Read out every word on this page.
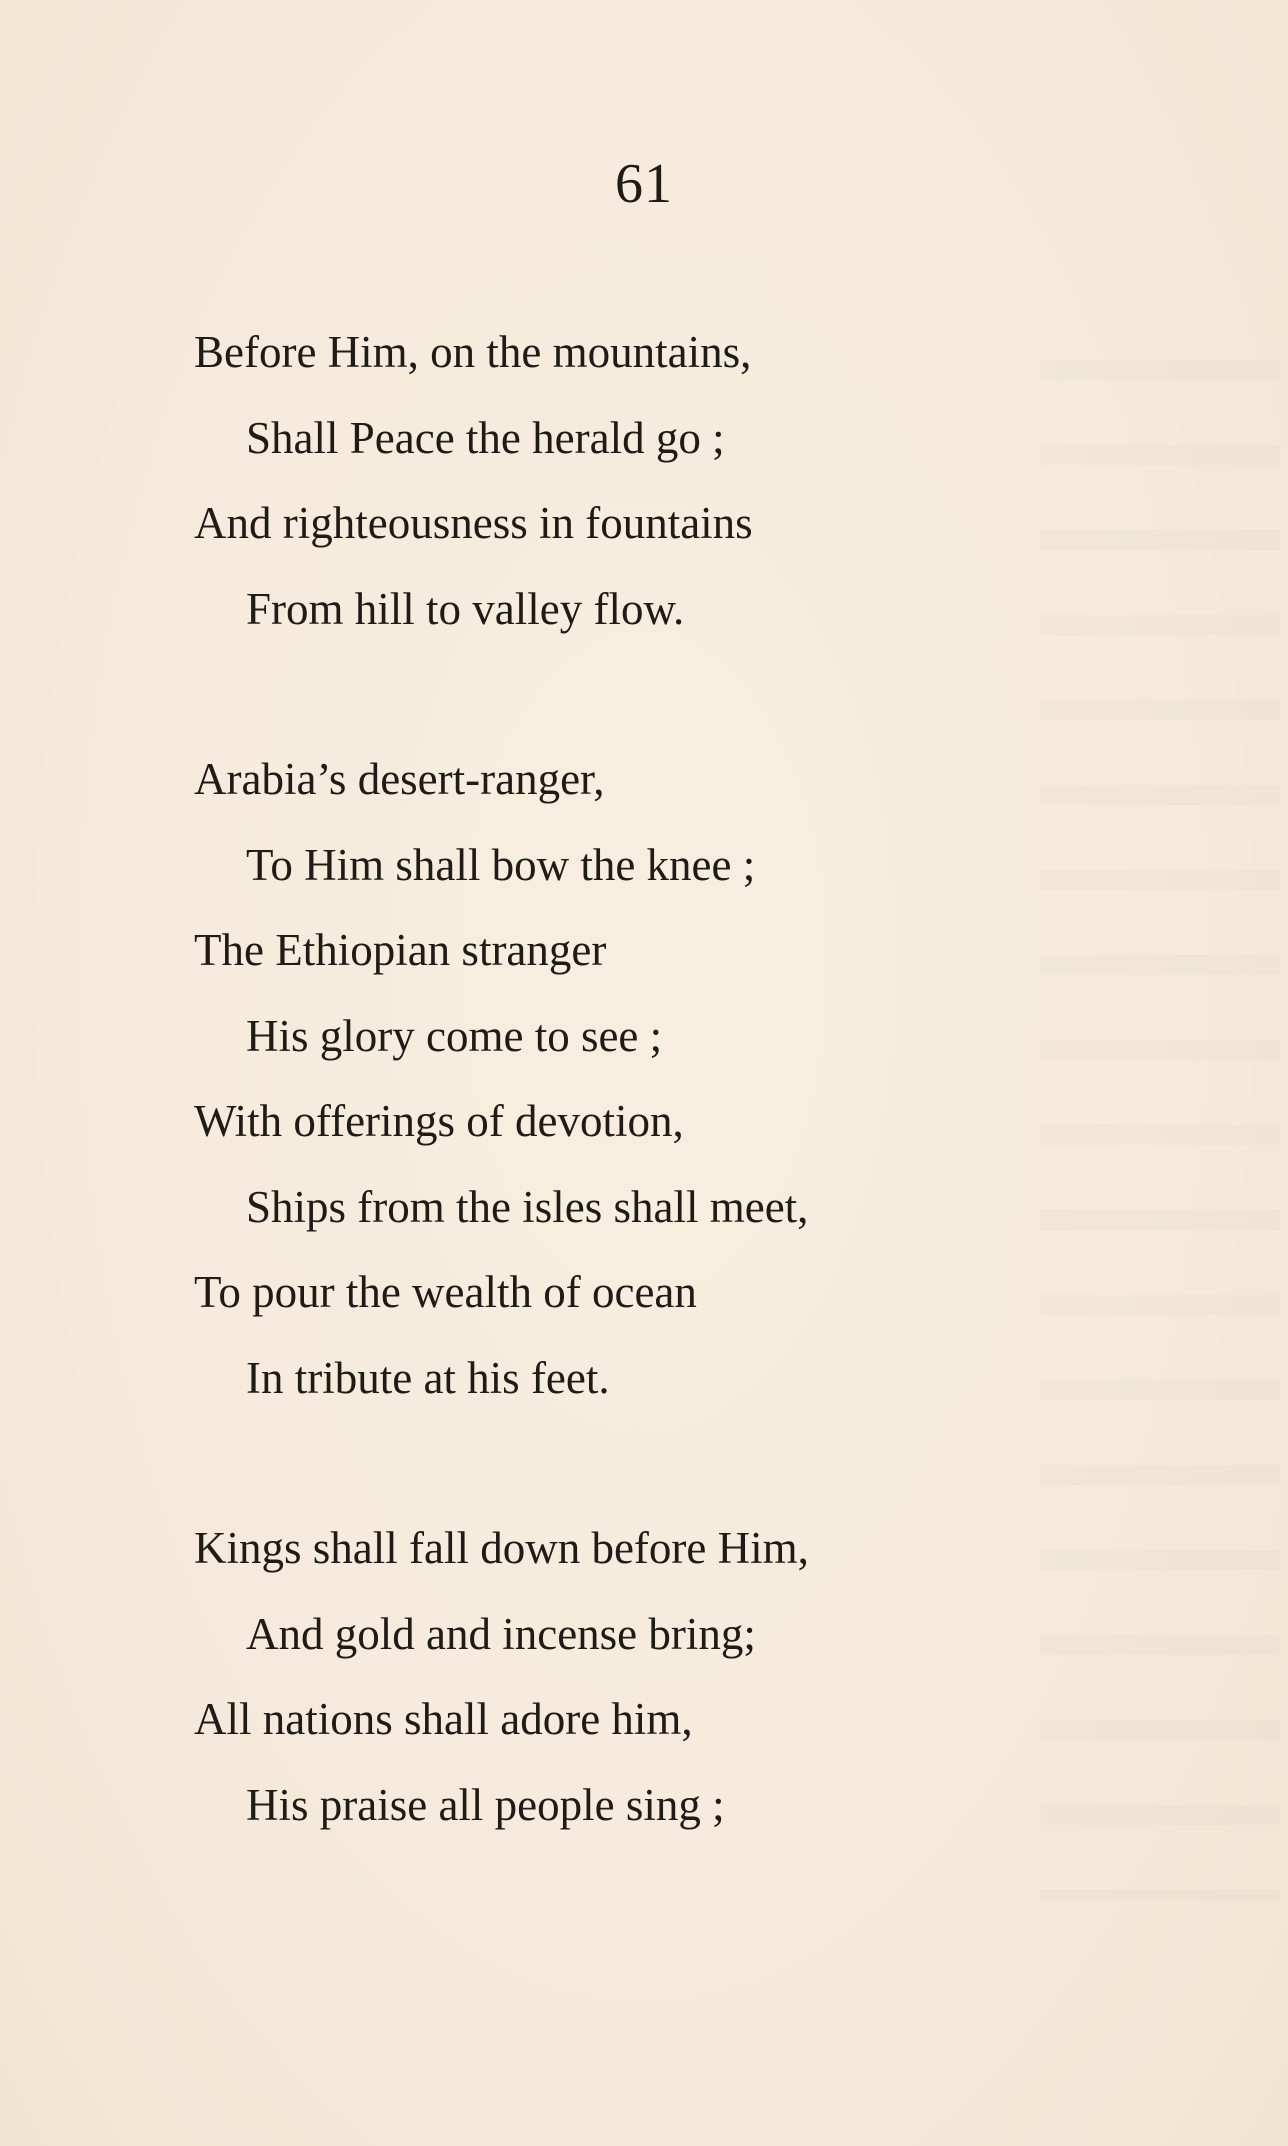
61
Before Him, on the mountains,
Shall Peace the herald go ;
And righteousness in fountains
From hill to valley flow.
Arabia’s desert-ranger,
To Him shall bow the knee ;
The Ethiopian stranger
His glory come to see ;
With offerings of devotion,
Ships from the isles shall meet,
To pour the wealth of ocean
In tribute at his feet.
Kings shall fall down before Him,
And gold and incense bring;
All nations shall adore him,
His praise all people sing ;
